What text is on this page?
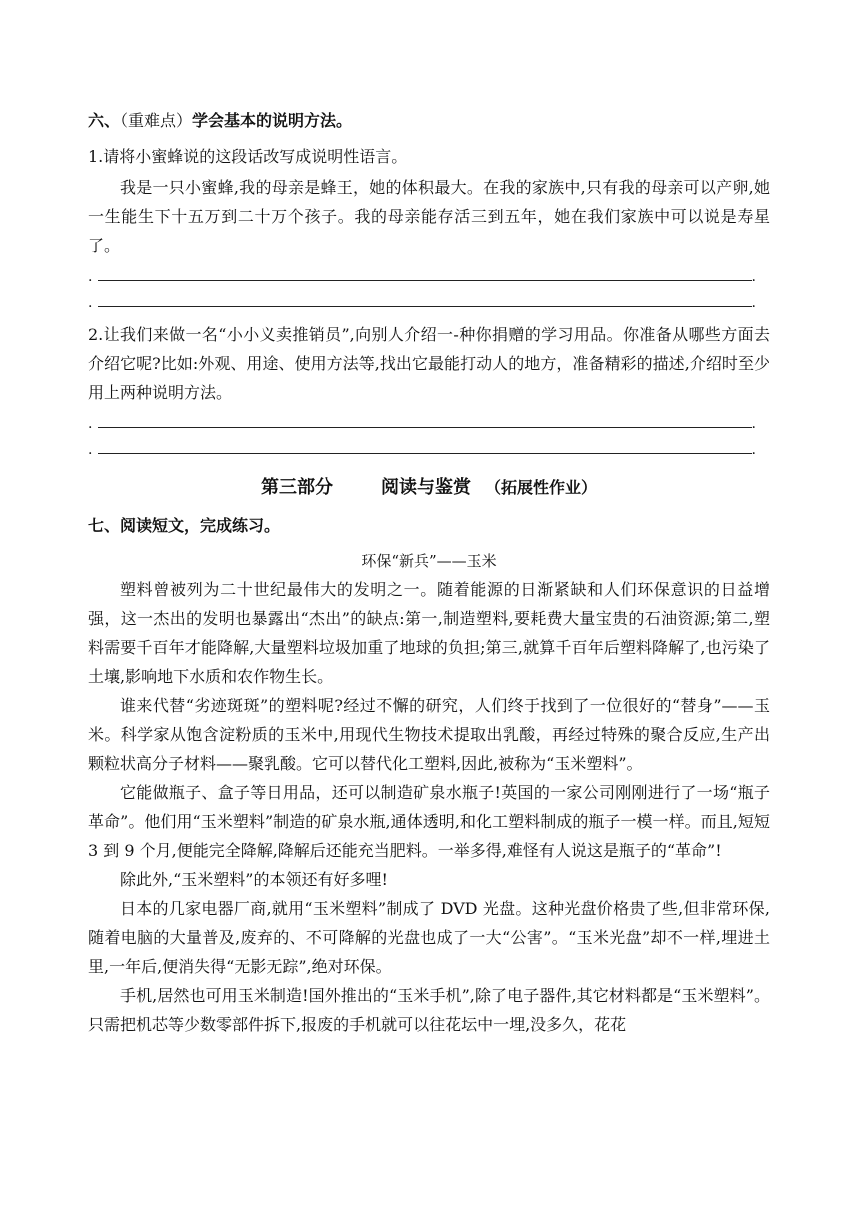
六、（重难点）学会基本的说明方法。

1.请将小蜜蜂说的这段话改写成说明性语言。

我是一只小蜜蜂,我的母亲是蜂王，她的体积最大。在我的家族中,只有我的母亲可以产卵,她一生能生下十五万到二十万个孩子。我的母亲能存活三到五年，她在我们家族中可以说是寿星了。

.	.
.	.

2.让我们来做一名“小小义卖推销员”,向别人介绍一-种你捐赠的学习用品。你准备从哪些方面去介绍它呢?比如:外观、用途、使用方法等,找出它最能打动人的地方，准备精彩的描述,介绍时至少用上两种说明方法。

.	.
.	.
第三部分	阅读与鉴赏 （拓展性作业）
七、阅读短文，完成练习。

环保“新兵”——玉米

塑料曾被列为二十世纪最伟大的发明之一。随着能源的日渐紧缺和人们环保意识的日益增强，这一杰出的发明也暴露出“杰出”的缺点:第一,制造塑料,要耗费大量宝贵的石油资源;第二,塑料需要千百年才能降解,大量塑料垃圾加重了地球的负担;第三,就算千百年后塑料降解了,也污染了土壤,影响地下水质和农作物生长。

谁来代替“劣迹斑斑”的塑料呢?经过不懈的研究，人们终于找到了一位很好的“替身”——玉米。科学家从饱含淀粉质的玉米中,用现代生物技术提取出乳酸，再经过特殊的聚合反应,生产出颗粒状高分子材料——聚乳酸。它可以替代化工塑料,因此,被称为“玉米塑料”。

它能做瓶子、盒子等日用品，还可以制造矿泉水瓶子!英国的一家公司刚刚进行了一场“瓶子革命”。他们用“玉米塑料”制造的矿泉水瓶,通体透明,和化工塑料制成的瓶子一模一样。而且,短短 3 到 9 个月,便能完全降解,降解后还能充当肥料。一举多得,难怪有人说这是瓶子的“革命”!

除此外,“玉米塑料”的本领还有好多哩!

日本的几家电器厂商,就用“玉米塑料”制成了 DVD 光盘。这种光盘价格贵了些,但非常环保,随着电脑的大量普及,废弃的、不可降解的光盘也成了一大“公害”。“玉米光盘”却不一样,埋进土里,一年后,便消失得“无影无踪”,绝对环保。

手机,居然也可用玉米制造!国外推出的“玉米手机”,除了电子器件,其它材料都是“玉米塑料”。只需把机芯等少数零部件拆下,报废的手机就可以往花坛中一埋,没多久，花花
